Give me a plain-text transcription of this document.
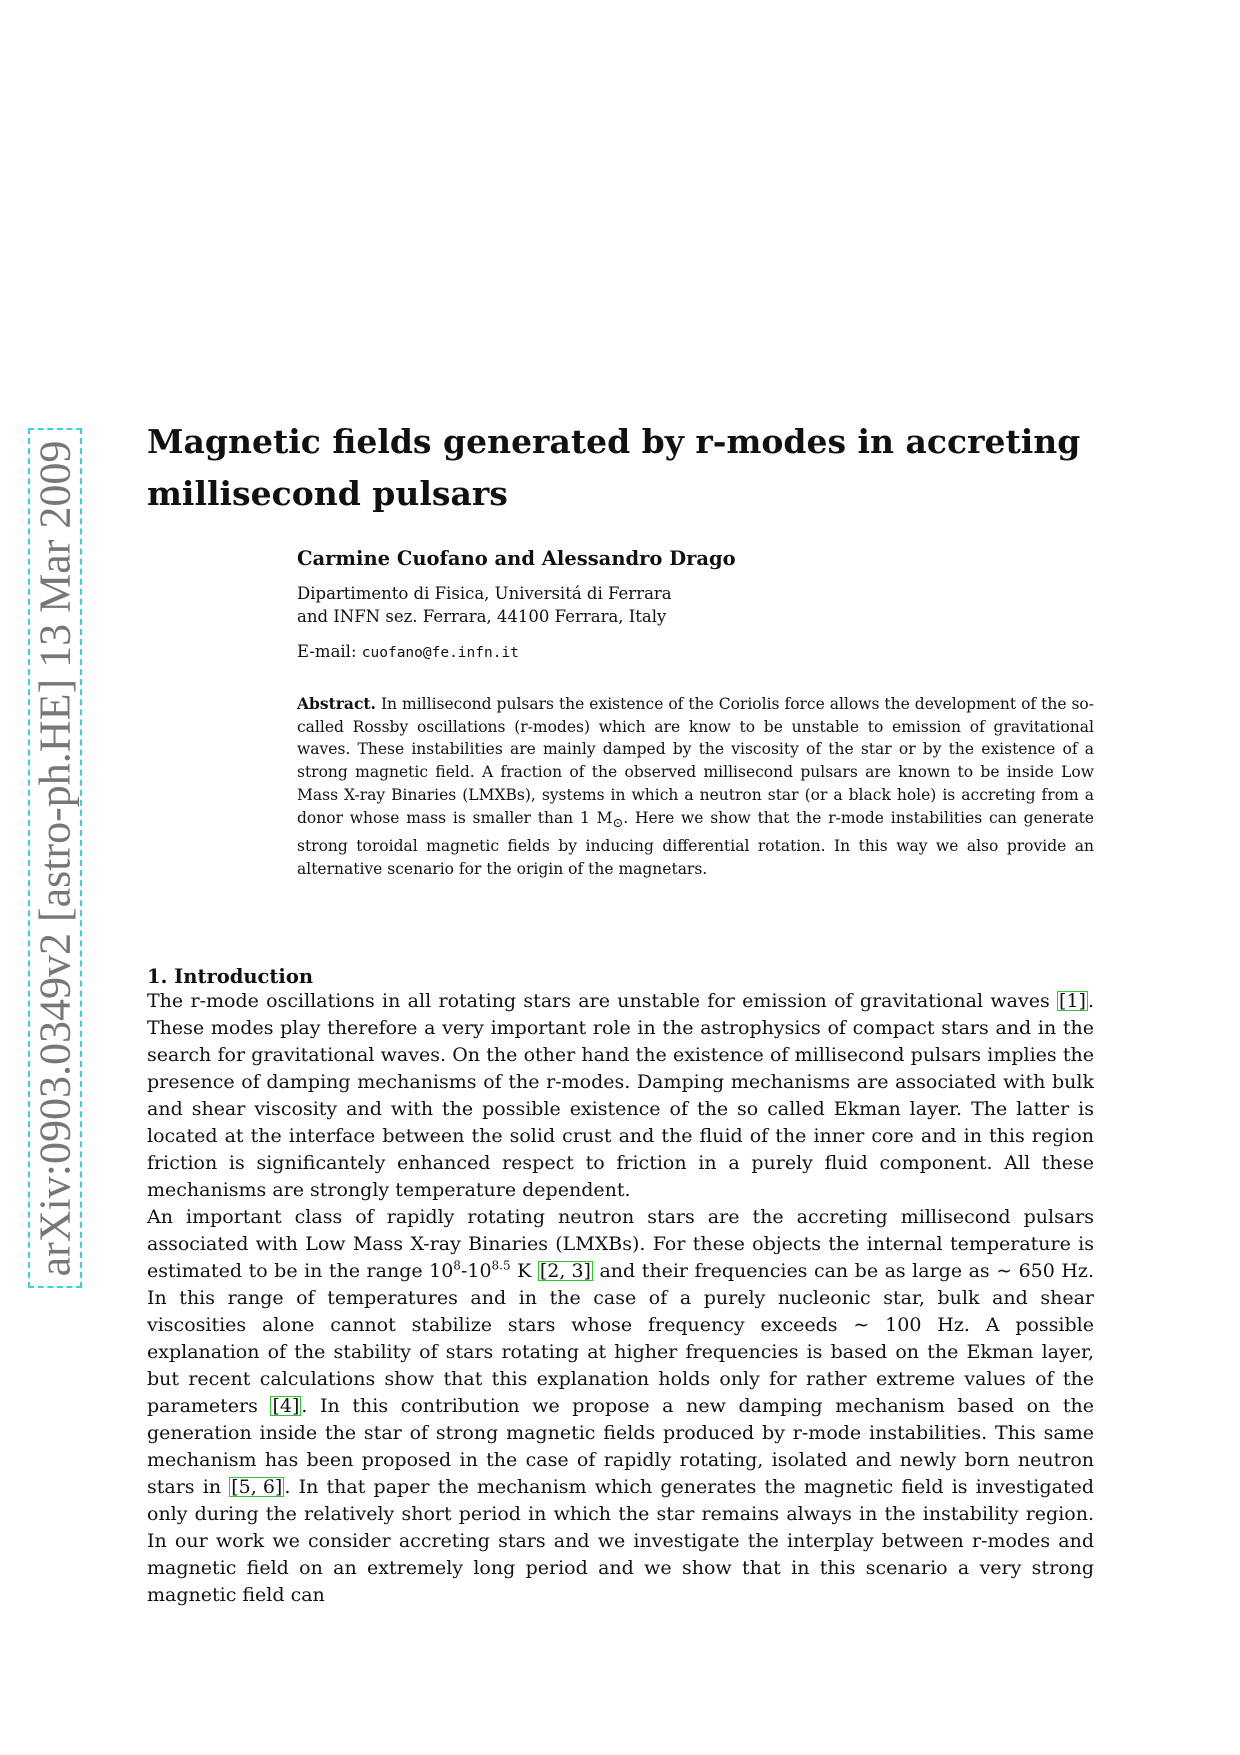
arXiv:0903.0349v2 [astro-ph.HE] 13 Mar 2009 Magnetic fields generated by r-modes in accreting millisecond pulsars

Carmine Cuofano and Alessandro Drago

Dipartimento di Fisica, Universitá di Ferrara

and INFN sez. Ferrara, 44100 Ferrara, Italy

E-mail: cuofano@fe.infn.it

Abstract. In millisecond pulsars the existence of the Coriolis force allows the development of the so-called Rossby oscillations (r-modes) which are know to be unstable to emission of gravitational waves. These instabilities are mainly damped by the viscosity of the star or by the existence of a strong magnetic field. A fraction of the observed millisecond pulsars are known to be inside Low Mass X-ray Binaries (LMXBs), systems in which a neutron star (or a black hole) is accreting from a donor whose mass is smaller than 1 $M_⊙$. Here we show that the r-mode instabilities can generate strong toroidal magnetic fields by inducing differential rotation. In this way we also provide an alternative scenario for the origin of the magnetars.
1. Introduction

The r-mode oscillations in all rotating stars are unstable for emission of gravitational waves [1] . These modes play therefore a very important role in the astrophysics of compact stars and in the search for gravitational waves. On the other hand the existence of millisecond pulsars implies the presence of damping mechanisms of the r-modes. Damping mechanisms are associated with bulk and shear viscosity and with the possible existence of the so called Ekman layer. The latter is located at the interface between the solid crust and the fluid of the inner core and in this region friction is significantely enhanced respect to friction in a purely fluid component. All these mechanisms are strongly temperature dependent.

An important class of rapidly rotating neutron stars are the accreting millisecond pulsars associated with Low Mass X-ray Binaries (LMXBs). For these objects the internal temperature is estimated to be in the range $10^8-10^{8.5}$ K [2, 3] and their frequencies can be as large as ∼ 650 Hz. In this range of temperatures and in the case of a purely nucleonic star, bulk and shear viscosities alone cannot stabilize stars whose frequency exceeds ∼ 100 Hz. A possible explanation of the stability of stars rotating at higher frequencies is based on the Ekman layer, but recent calculations show that this explanation holds only for rather extreme values of the parameters [4] . In this contribution we propose a new damping mechanism based on the generation inside the star of strong magnetic fields produced by r-mode instabilities. This same mechanism has been proposed in the case of rapidly rotating, isolated and newly born neutron stars in [5, 6] . In that paper the mechanism which generates the magnetic field is investigated only during the relatively short period in which the star remains always in the instability region. In our work we consider accreting stars and we investigate the interplay between r-modes and magnetic field on an extremely long period and we show that in this scenario a very strong magnetic field can
